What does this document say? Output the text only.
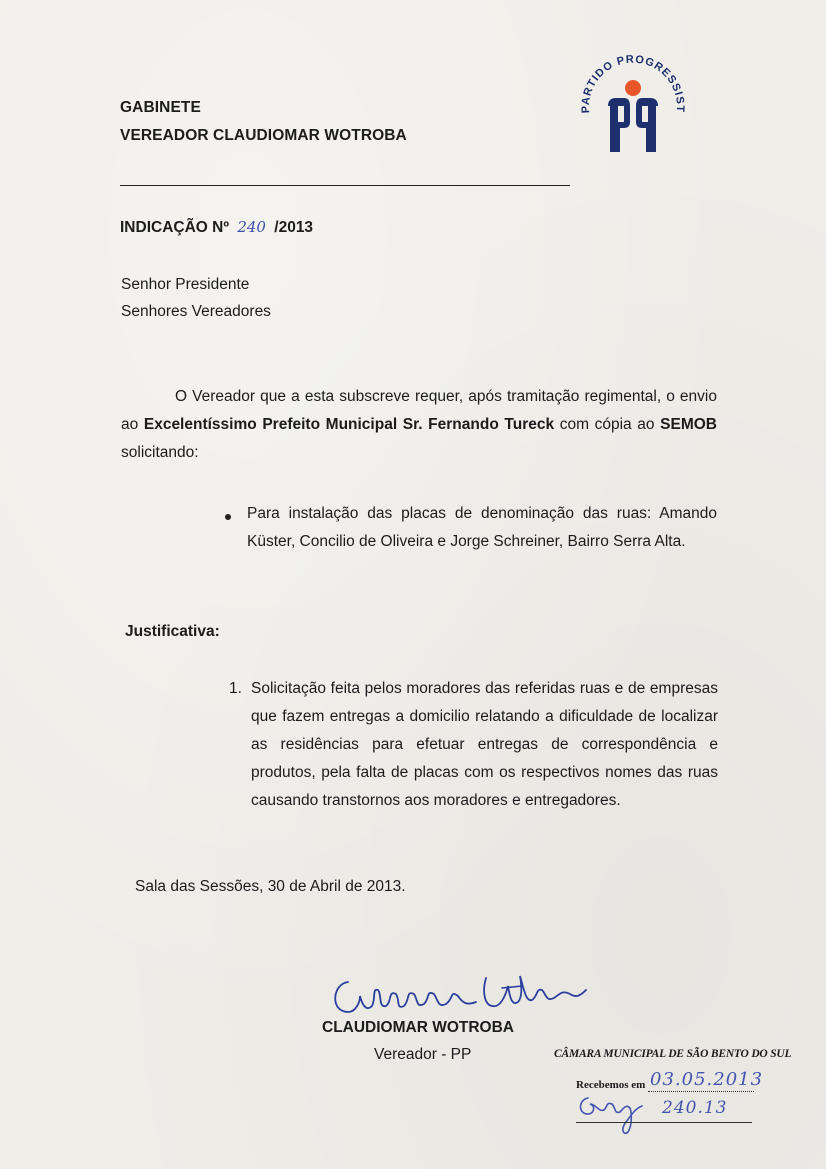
GABINETE
VEREADOR CLAUDIOMAR WOTROBA
PARTIDO PROGRESSIST
INDICAÇÃO Nº 240 /2013
Senhor Presidente
Senhores Vereadores
O Vereador que a esta subscreve requer, após tramitação regimental, o envio ao Excelentíssimo Prefeito Municipal Sr. Fernando Tureck com cópia ao SEMOB solicitando:
Para instalação das placas de denominação das ruas: Amando Küster, Concilio de Oliveira e Jorge Schreiner, Bairro Serra Alta.
Justificativa:
1. Solicitação feita pelos moradores das referidas ruas e de empresas que fazem entregas a domicilio relatando a dificuldade de localizar as residências para efetuar entregas de correspondência e produtos, pela falta de placas com os respectivos nomes das ruas causando transtornos aos moradores e entregadores.
Sala das Sessões, 30 de Abril de 2013.
CLAUDIOMAR WOTROBA
Vereador - PP	CÂMARA MUNICIPAL DE SÃO BENTO DO SUL
Recebemos em 03.05.2013
240.13
